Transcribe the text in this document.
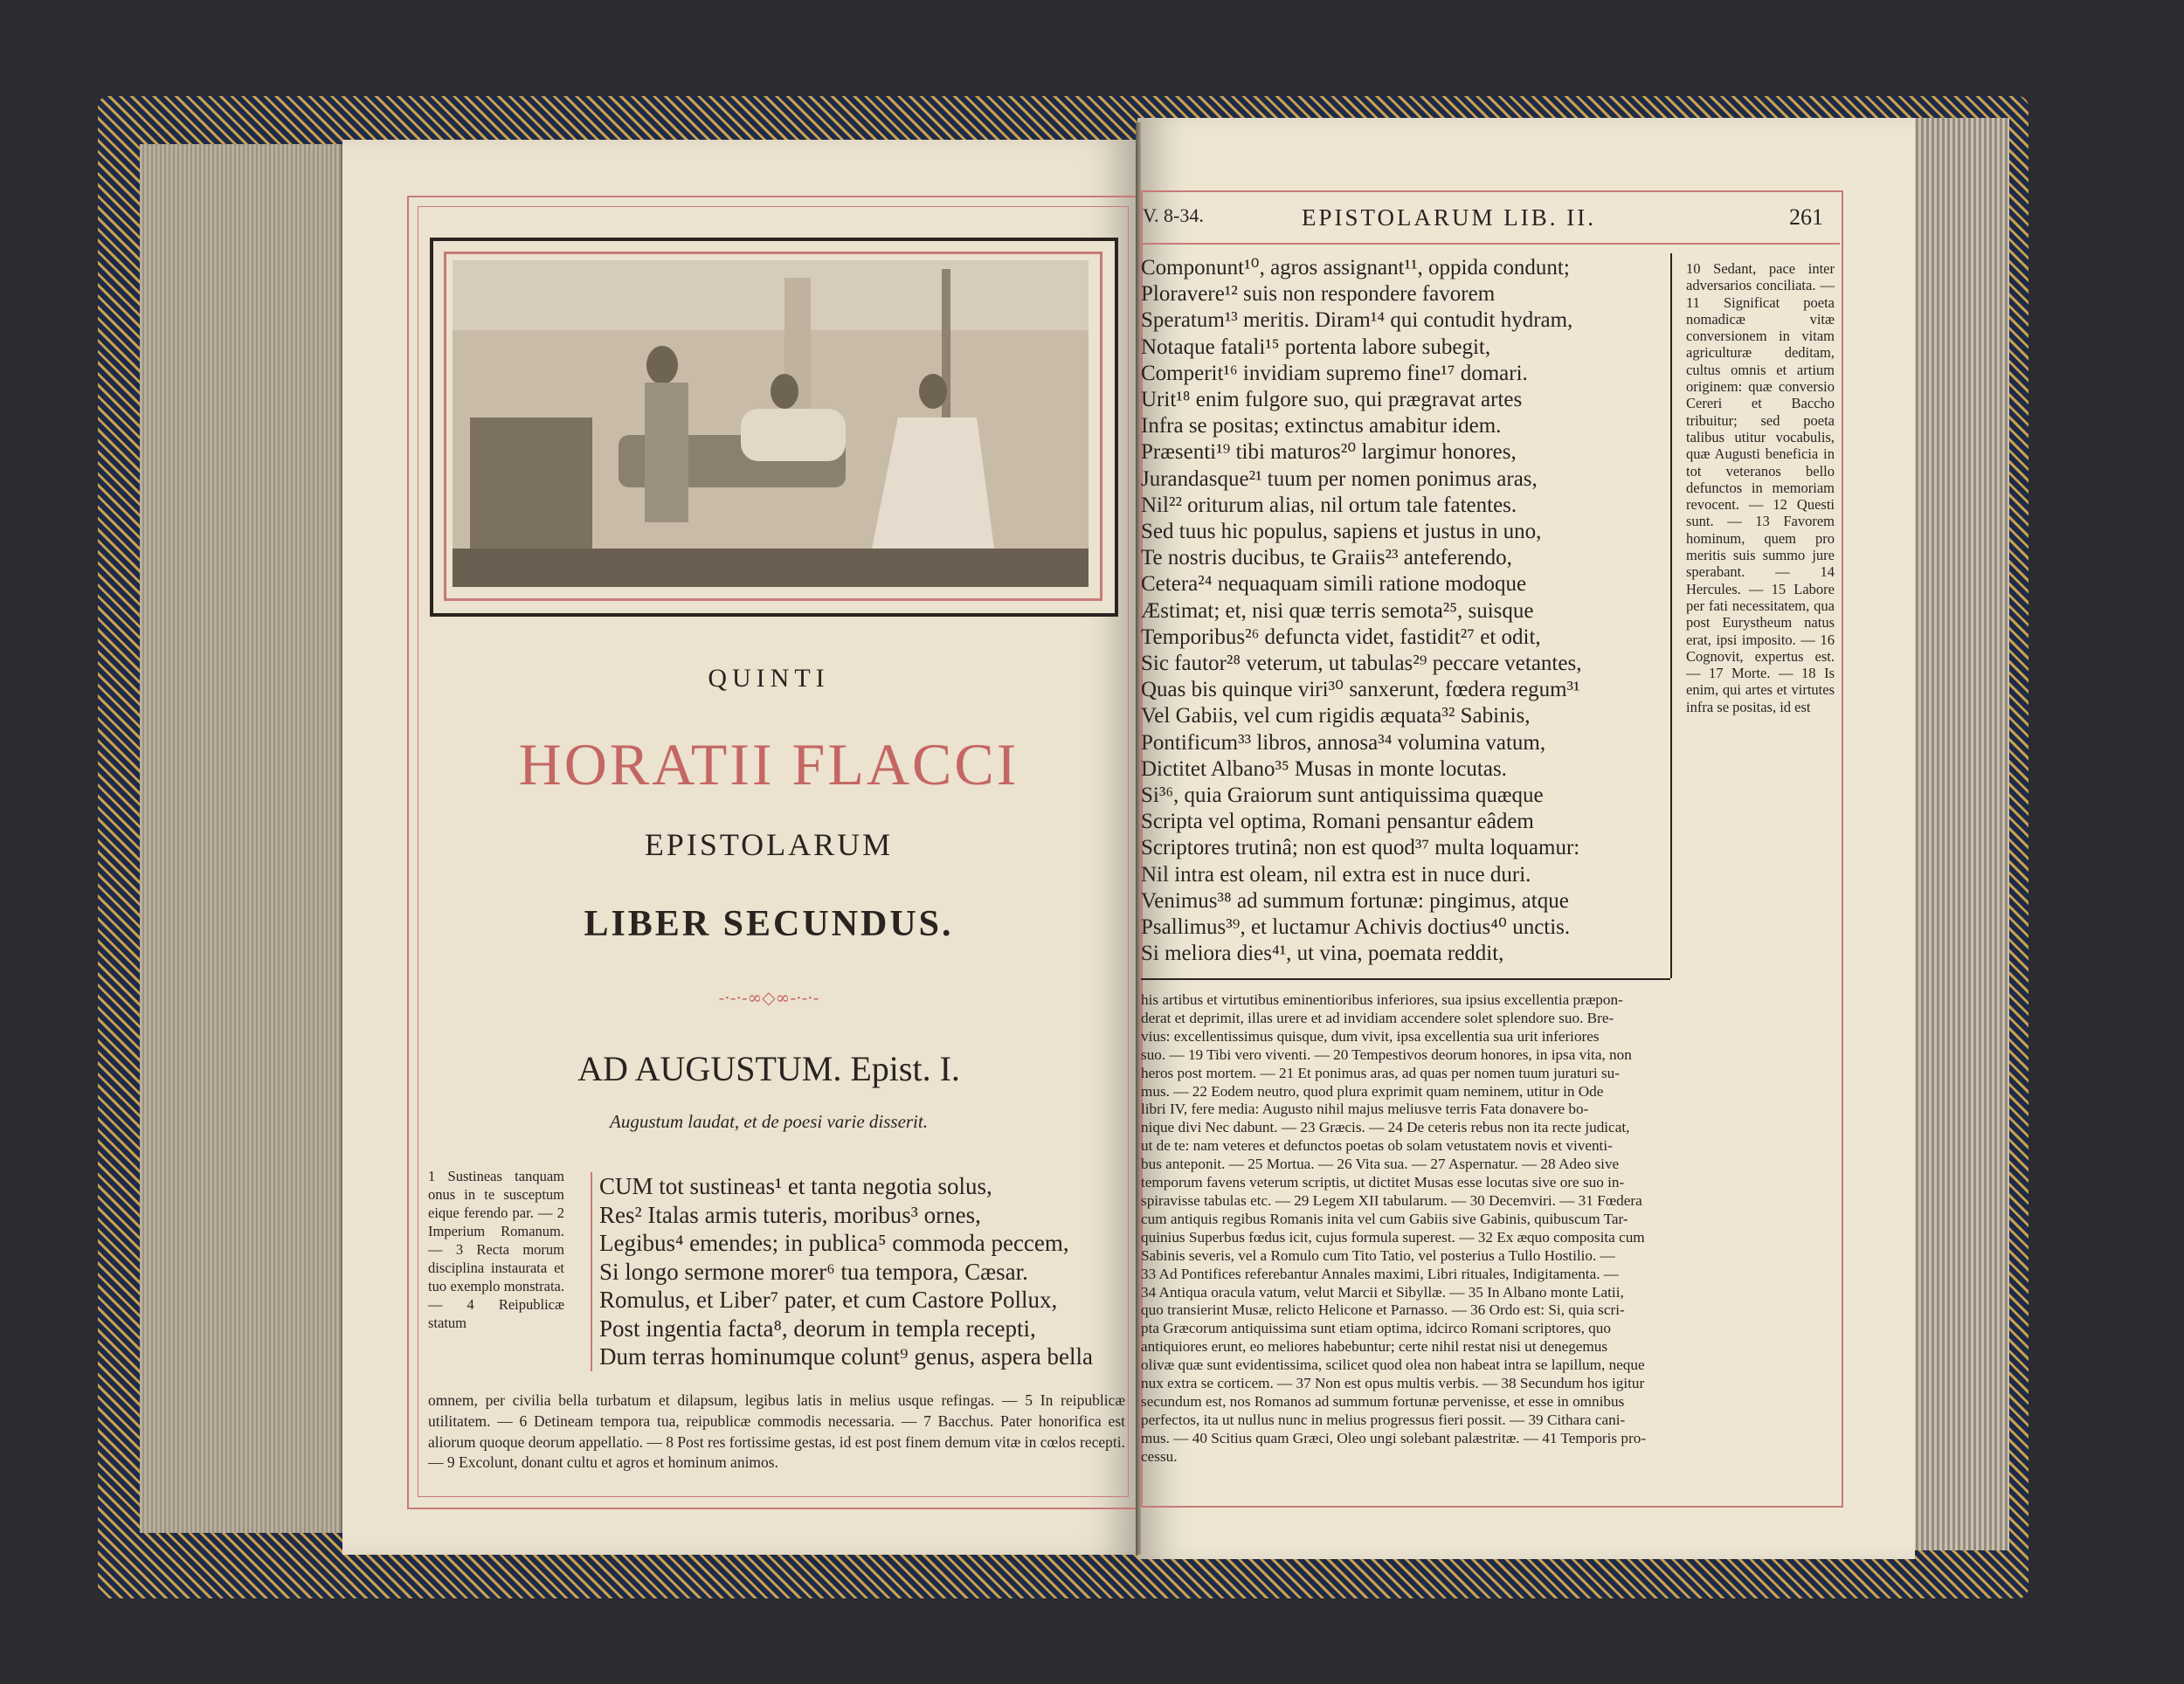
QUINTI
HORATII FLACCI
EPISTOLARUM
LIBER SECUNDUS.
-·-·-∞◇∞-·-·-
AD AUGUSTUM. Epist. I.
Augustum laudat, et de poesi varie disserit.
1 Sustineas tanquam onus in te susceptum eique ferendo par. — 2 Imperium Romanum. — 3 Recta morum disciplina instaurata et tuo exemplo monstrata. — 4 Reipublicæ statum
CUM tot sustineas¹ et tanta negotia solus,
Res² Italas armis tuteris, moribus³ ornes,
Legibus⁴ emendes; in publica⁵ commoda peccem,
Si longo sermone morer⁶ tua tempora, Cæsar.
Romulus, et Liber⁷ pater, et cum Castore Pollux,
Post ingentia facta⁸, deorum in templa recepti,
Dum terras hominumque colunt⁹ genus, aspera bella
omnem, per civilia bella turbatum et dilapsum, legibus latis in melius usque refingas. — 5 In reipublicæ utilitatem. — 6 Detineam tempora tua, reipublicæ commodis necessaria. — 7 Bacchus. Pater honorifica est aliorum quoque deorum appellatio. — 8 Post res fortissime gestas, id est post finem demum vitæ in cœlos recepti. — 9 Excolunt, donant cultu et agros et hominum animos.
V. 8-34.	EPISTOLARUM LIB. II.	261
Componunt¹⁰, agros assignant¹¹, oppida condunt;
Ploravere¹² suis non respondere favorem
Speratum¹³ meritis. Diram¹⁴ qui contudit hydram,
Notaque fatali¹⁵ portenta labore subegit,
Comperit¹⁶ invidiam supremo fine¹⁷ domari.
Urit¹⁸ enim fulgore suo, qui prægravat artes
Infra se positas; extinctus amabitur idem.
Præsenti¹⁹ tibi maturos²⁰ largimur honores,
Jurandasque²¹ tuum per nomen ponimus aras,
Nil²² oriturum alias, nil ortum tale fatentes.
Sed tuus hic populus, sapiens et justus in uno,
Te nostris ducibus, te Graiis²³ anteferendo,
Cetera²⁴ nequaquam simili ratione modoque
Æstimat; et, nisi quæ terris semota²⁵, suisque
Temporibus²⁶ defuncta videt, fastidit²⁷ et odit,
Sic fautor²⁸ veterum, ut tabulas²⁹ peccare vetantes,
Quas bis quinque viri³⁰ sanxerunt, fœdera regum³¹
Vel Gabiis, vel cum rigidis æquata³² Sabinis,
Pontificum³³ libros, annosa³⁴ volumina vatum,
Dictitet Albano³⁵ Musas in monte locutas.
Si³⁶, quia Graiorum sunt antiquissima quæque
Scripta vel optima, Romani pensantur eâdem
Scriptores trutinâ; non est quod³⁷ multa loquamur:
Nil intra est oleam, nil extra est in nuce duri.
Venimus³⁸ ad summum fortunæ: pingimus, atque
Psallimus³⁹, et luctamur Achivis doctius⁴⁰ unctis.
Si meliora dies⁴¹, ut vina, poemata reddit,
10 Sedant, pace inter adversarios conciliata. — 11 Significat poeta nomadicæ vitæ conversionem in vitam agriculturæ deditam, cultus omnis et artium originem: quæ conversio Cereri et Baccho tribuitur; sed poeta talibus utitur vocabulis, quæ Augusti beneficia in tot veteranos bello defunctos in memoriam revocent. — 12 Questi sunt. — 13 Favorem hominum, quem pro meritis suis summo jure sperabant. — 14 Hercules. — 15 Labore per fati necessitatem, qua post Eurystheum natus erat, ipsi imposito. — 16 Cognovit, expertus est. — 17 Morte. — 18 Is enim, qui artes et virtutes infra se positas, id est
his artibus et virtutibus eminentioribus inferiores, sua ipsius excellentia præpon-
derat et deprimit, illas urere et ad invidiam accendere solet splendore suo. Bre-
vius: excellentissimus quisque, dum vivit, ipsa excellentia sua urit inferiores
suo. — 19 Tibi vero viventi. — 20 Tempestivos deorum honores, in ipsa vita, non
heros post mortem. — 21 Et ponimus aras, ad quas per nomen tuum juraturi su-
mus. — 22 Eodem neutro, quod plura exprimit quam neminem, utitur in Ode
libri IV, fere media: Augusto nihil majus meliusve terris Fata donavere bo-
nique divi Nec dabunt. — 23 Græcis. — 24 De ceteris rebus non ita recte judicat,
ut de te: nam veteres et defunctos poetas ob solam vetustatem novis et viventi-
bus anteponit. — 25 Mortua. — 26 Vita sua. — 27 Aspernatur. — 28 Adeo sive
temporum favens veterum scriptis, ut dictitet Musas esse locutas sive ore suo in-
spiravisse tabulas etc. — 29 Legem XII tabularum. — 30 Decemviri. — 31 Fœdera
cum antiquis regibus Romanis inita vel cum Gabiis sive Gabinis, quibuscum Tar-
quinius Superbus fœdus icit, cujus formula superest. — 32 Ex æquo composita cum
Sabinis severis, vel a Romulo cum Tito Tatio, vel posterius a Tullo Hostilio. —
33 Ad Pontifices referebantur Annales maximi, Libri rituales, Indigitamenta. —
34 Antiqua oracula vatum, velut Marcii et Sibyllæ. — 35 In Albano monte Latii,
quo transierint Musæ, relicto Helicone et Parnasso. — 36 Ordo est: Si, quia scri-
pta Græcorum antiquissima sunt etiam optima, idcirco Romani scriptores, quo
antiquiores erunt, eo meliores habebuntur; certe nihil restat nisi ut denegemus
olivæ quæ sunt evidentissima, scilicet quod olea non habeat intra se lapillum, neque
nux extra se corticem. — 37 Non est opus multis verbis. — 38 Secundum hos igitur
secundum est, nos Romanos ad summum fortunæ pervenisse, et esse in omnibus
perfectos, ita ut nullus nunc in melius progressus fieri possit. — 39 Cithara cani-
mus. — 40 Scitius quam Græci, Oleo ungi solebant palæstritæ. — 41 Temporis pro-
cessu.
